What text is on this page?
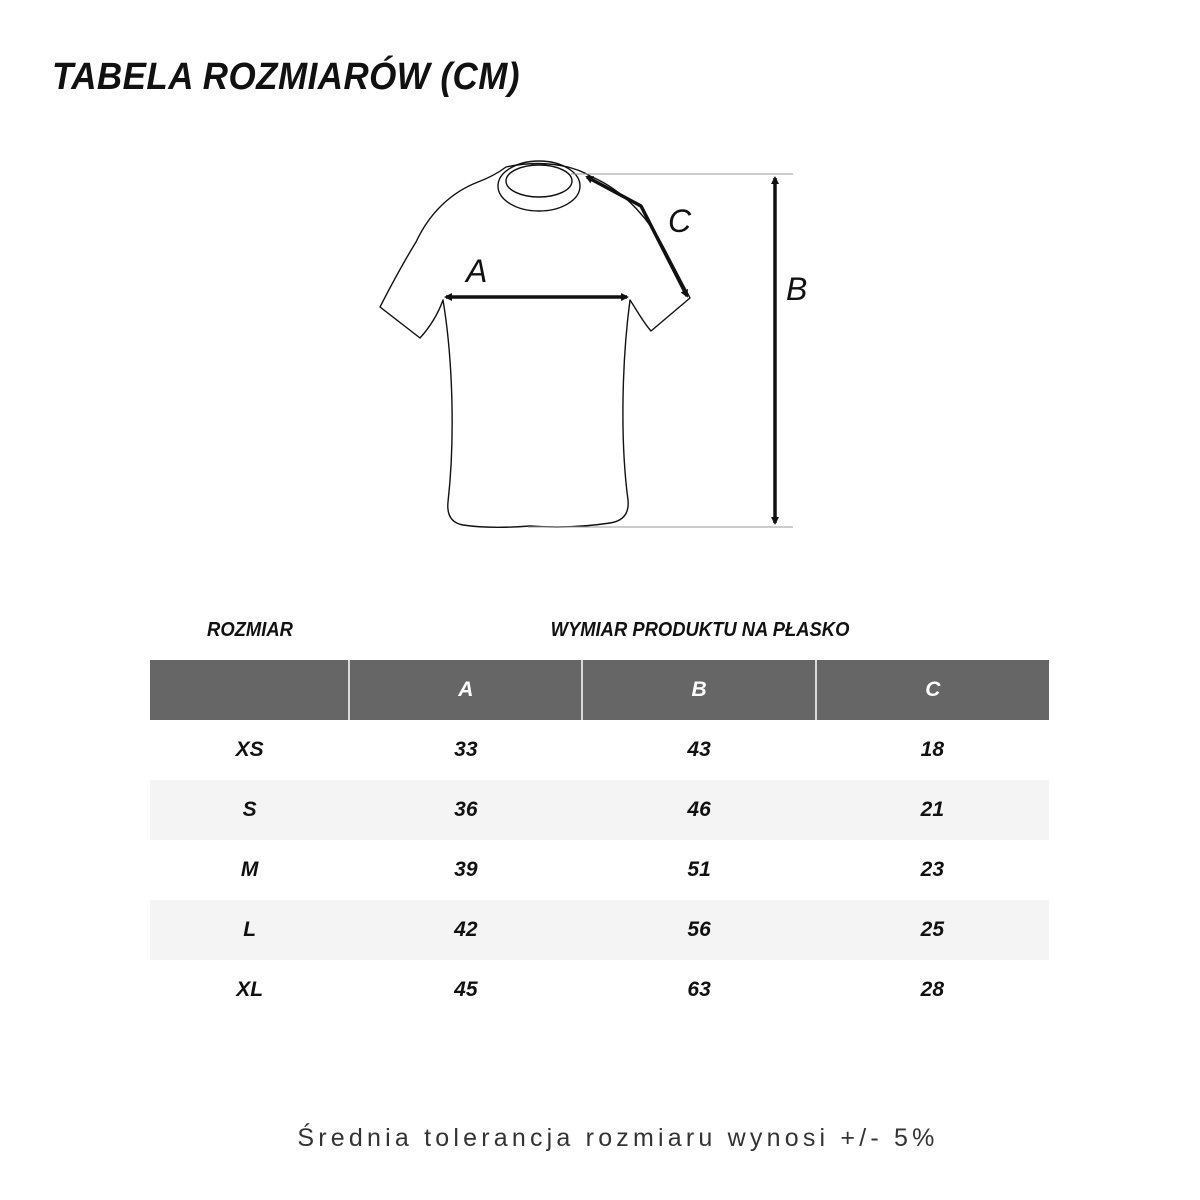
TABELA ROZMIARÓW (CM)
A	B
C
ROZMIAR	WYMIAR PRODUKTU NA PŁASKO
	A	B	C
XS	33	43	18
S	36	46	21
M	39	51	23
L	42	56	25
XL	45	63	28
Średnia tolerancja rozmiaru wynosi +/- 5%
